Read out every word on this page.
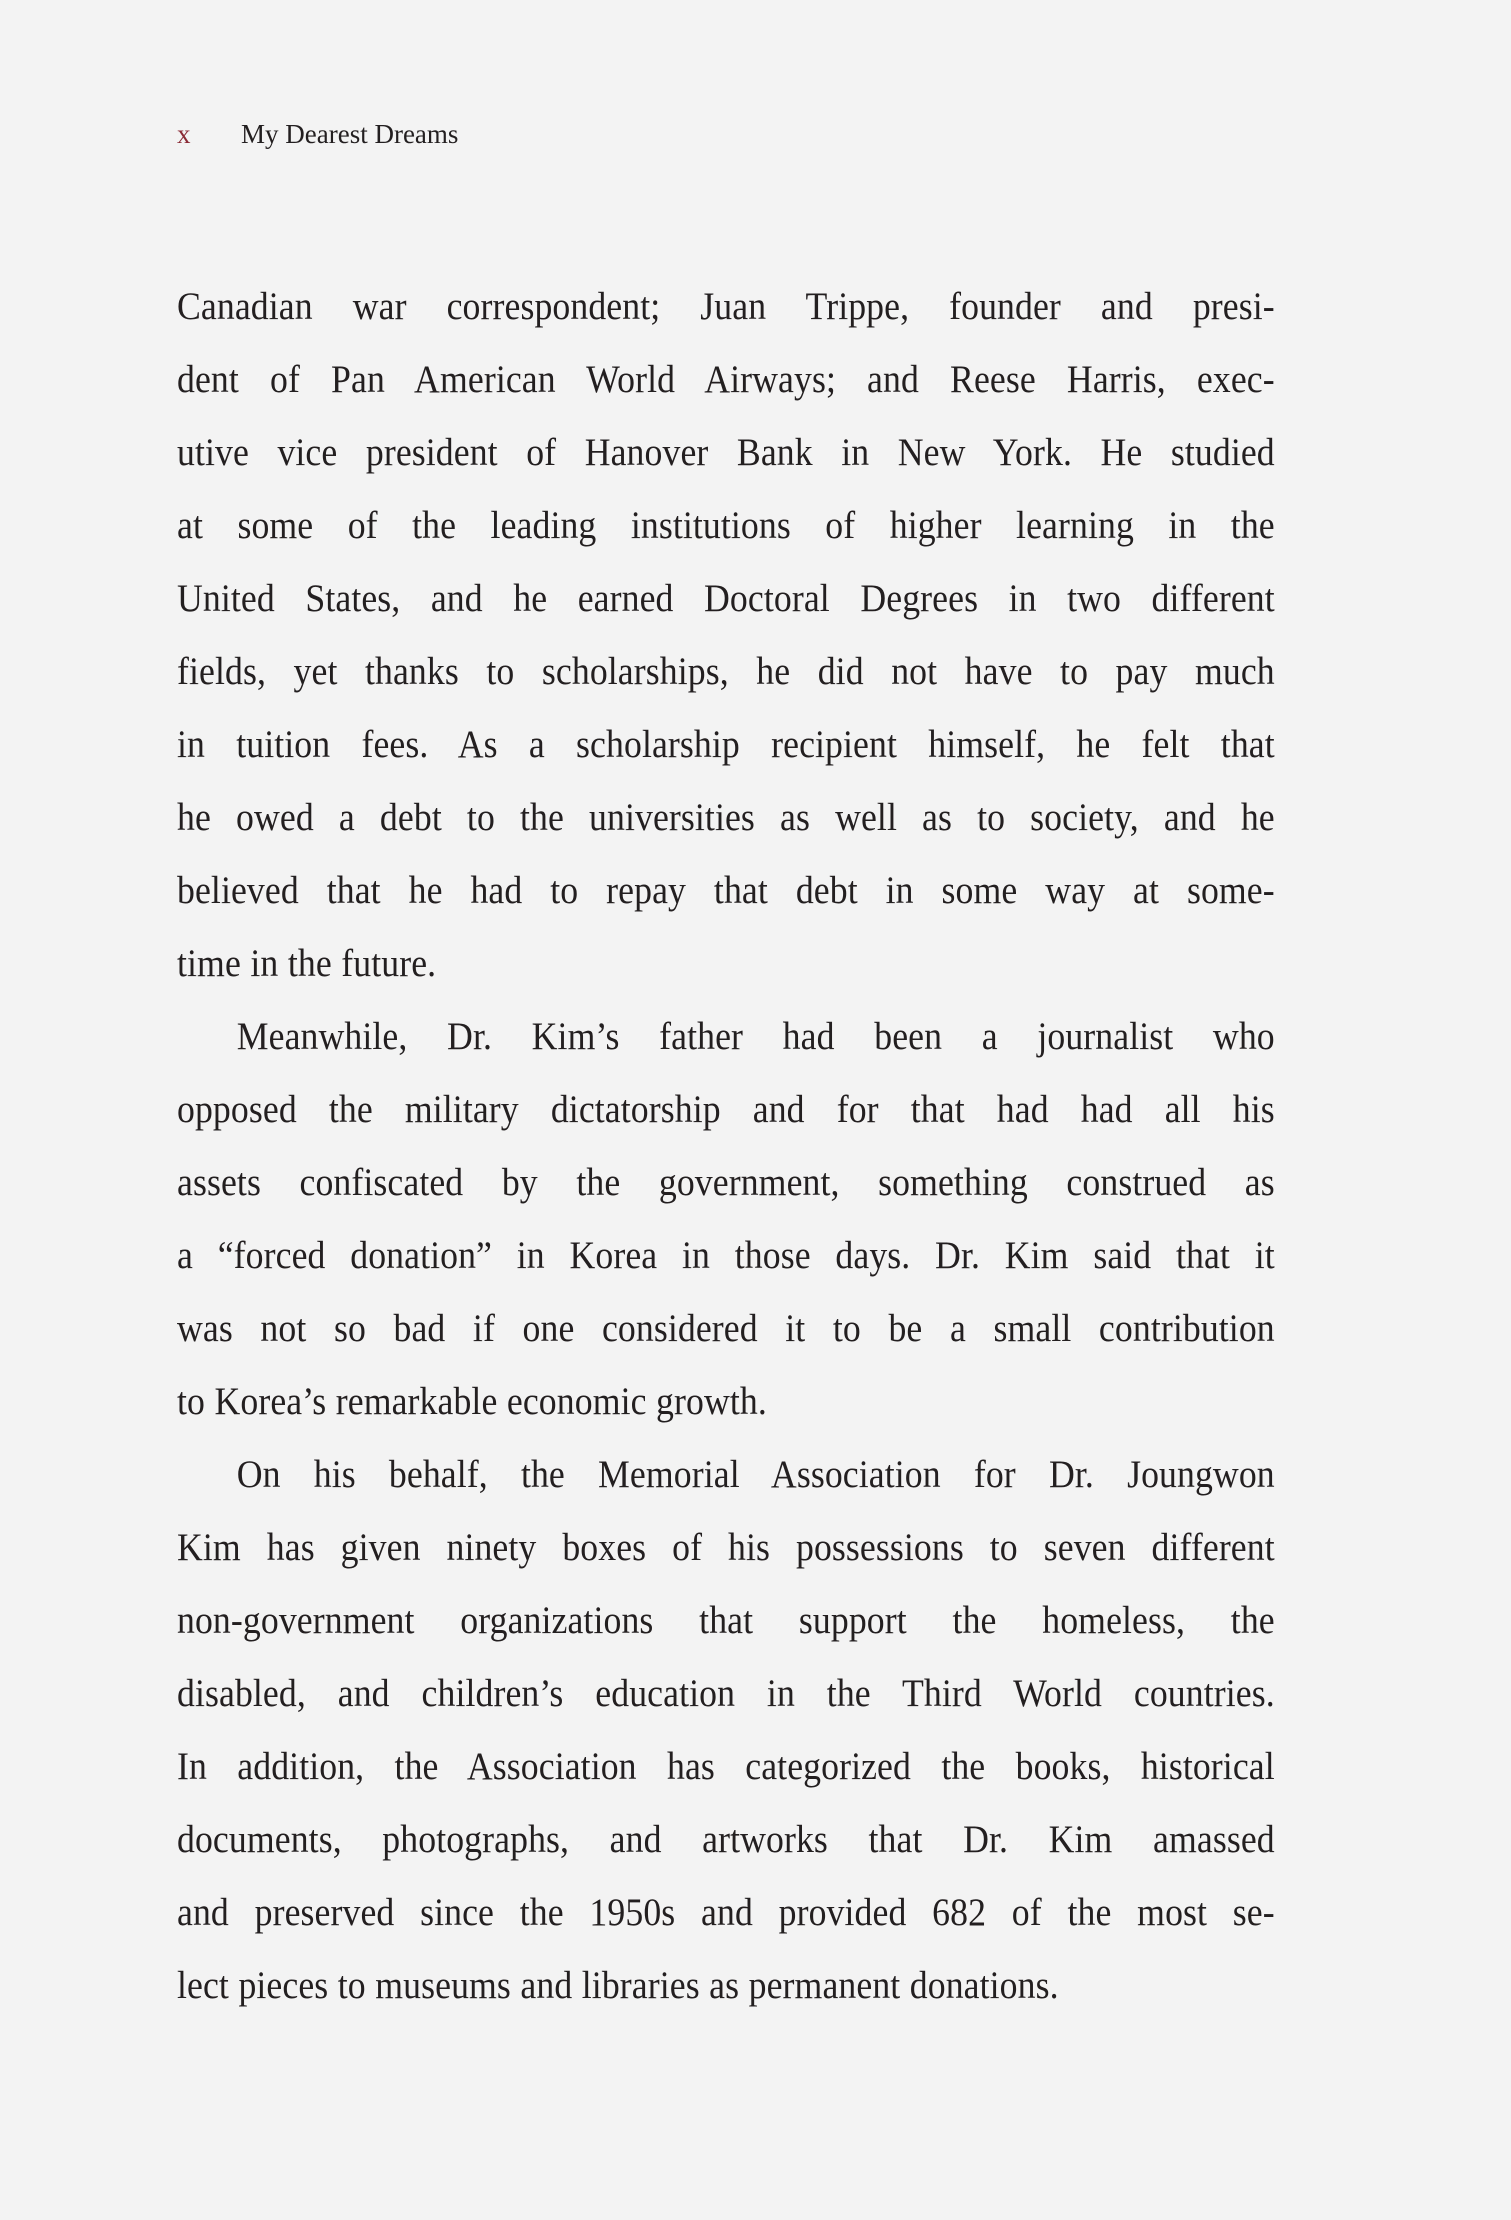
x My Dearest Dreams
Canadian war correspondent; Juan Trippe, founder and presi-
dent of Pan American World Airways; and Reese Harris, exec-
utive vice president of Hanover Bank in New York. He studied
at some of the leading institutions of higher learning in the
United States, and he earned Doctoral Degrees in two different
fields, yet thanks to scholarships, he did not have to pay much
in tuition fees. As a scholarship recipient himself, he felt that
he owed a debt to the universities as well as to society, and he
believed that he had to repay that debt in some way at some-
time in the future.
Meanwhile, Dr. Kim’s father had been a journalist who
opposed the military dictatorship and for that had had all his
assets confiscated by the government, something construed as
a “forced donation” in Korea in those days. Dr. Kim said that it
was not so bad if one considered it to be a small contribution
to Korea’s remarkable economic growth.
On his behalf, the Memorial Association for Dr. Joungwon
Kim has given ninety boxes of his possessions to seven different
non-government organizations that support the homeless, the
disabled, and children’s education in the Third World countries.
In addition, the Association has categorized the books, historical
documents, photographs, and artworks that Dr. Kim amassed
and preserved since the 1950s and provided 682 of the most se-
lect pieces to museums and libraries as permanent donations.
